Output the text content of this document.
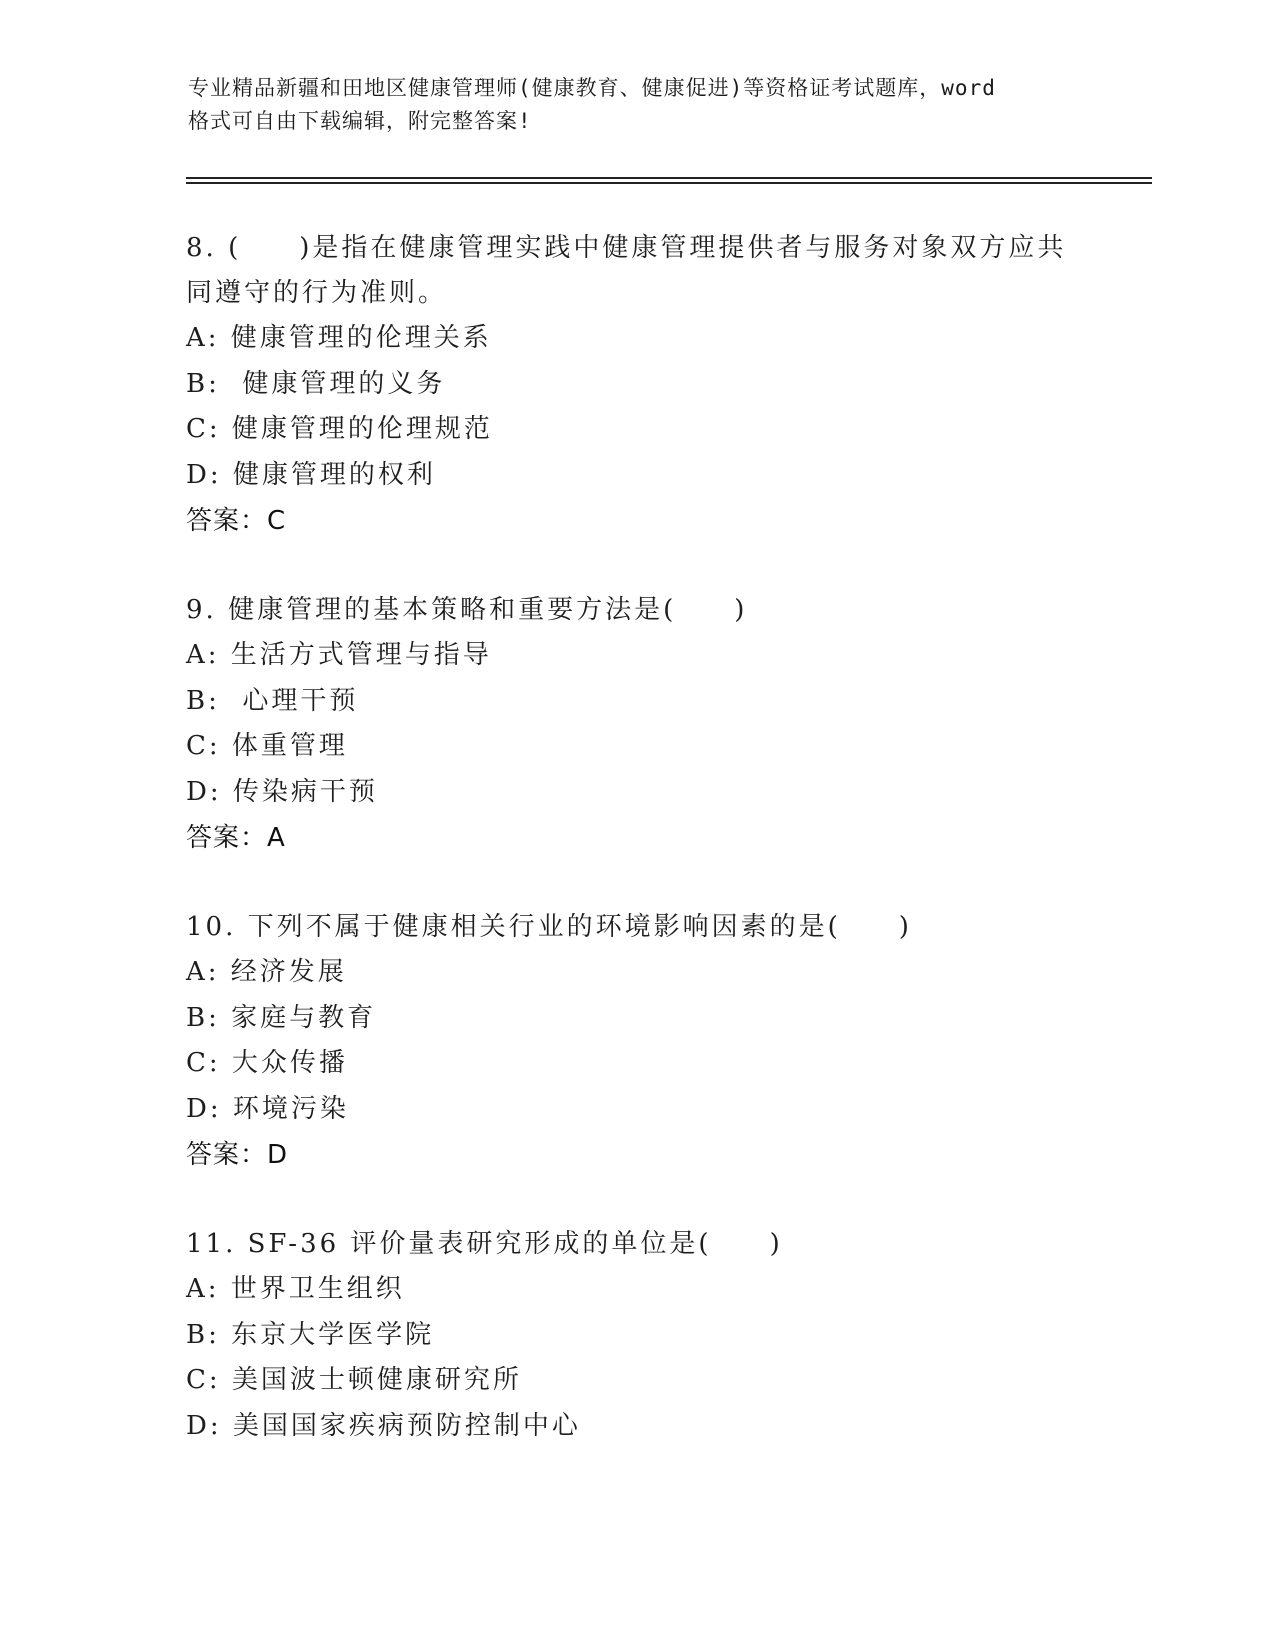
专业精品新疆和田地区健康管理师(健康教育、健康促进)等资格证考试题库，word
格式可自由下载编辑，附完整答案!
8. (　　)是指在健康管理实践中健康管理提供者与服务对象双方应共
同遵守的行为准则。
A: 健康管理的伦理关系
B:  健康管理的义务
C: 健康管理的伦理规范
D: 健康管理的权利
答案：C
9. 健康管理的基本策略和重要方法是(　　)
A: 生活方式管理与指导
B:  心理干预
C: 体重管理
D: 传染病干预
答案：A
10. 下列不属于健康相关行业的环境影响因素的是(　　)
A: 经济发展
B: 家庭与教育
C: 大众传播
D: 环境污染
答案：D
11. SF-36 评价量表研究形成的单位是(　　)
A: 世界卫生组织
B: 东京大学医学院
C: 美国波士顿健康研究所
D: 美国国家疾病预防控制中心
